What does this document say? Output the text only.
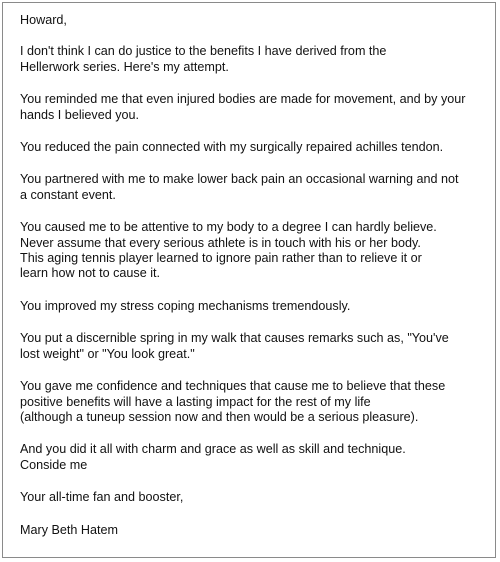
Howard,

I don't think I can do justice to the benefits I have derived from the
Hellerwork series. Here's my attempt.

You reminded me that even injured bodies are made for movement, and by your
hands I believed you.

You reduced the pain connected with my surgically repaired achilles tendon.

You partnered with me to make lower back pain an occasional warning and not
a constant event.

You caused me to be attentive to my body to a degree I can hardly believe.
Never assume that every serious athlete is in touch with his or her body.
This aging tennis player learned to ignore pain rather than to relieve it or
learn how not to cause it.

You improved my stress coping mechanisms tremendously.

You put a discernible spring in my walk that causes remarks such as, "You've
lost weight" or "You look great."

You gave me confidence and techniques that cause me to believe that these
positive benefits will have a lasting impact for the rest of my life
(although a tuneup session now and then would be a serious pleasure).

And you did it all with charm and grace as well as skill and technique.
Conside me

Your all-time fan and booster,

Mary Beth Hatem
